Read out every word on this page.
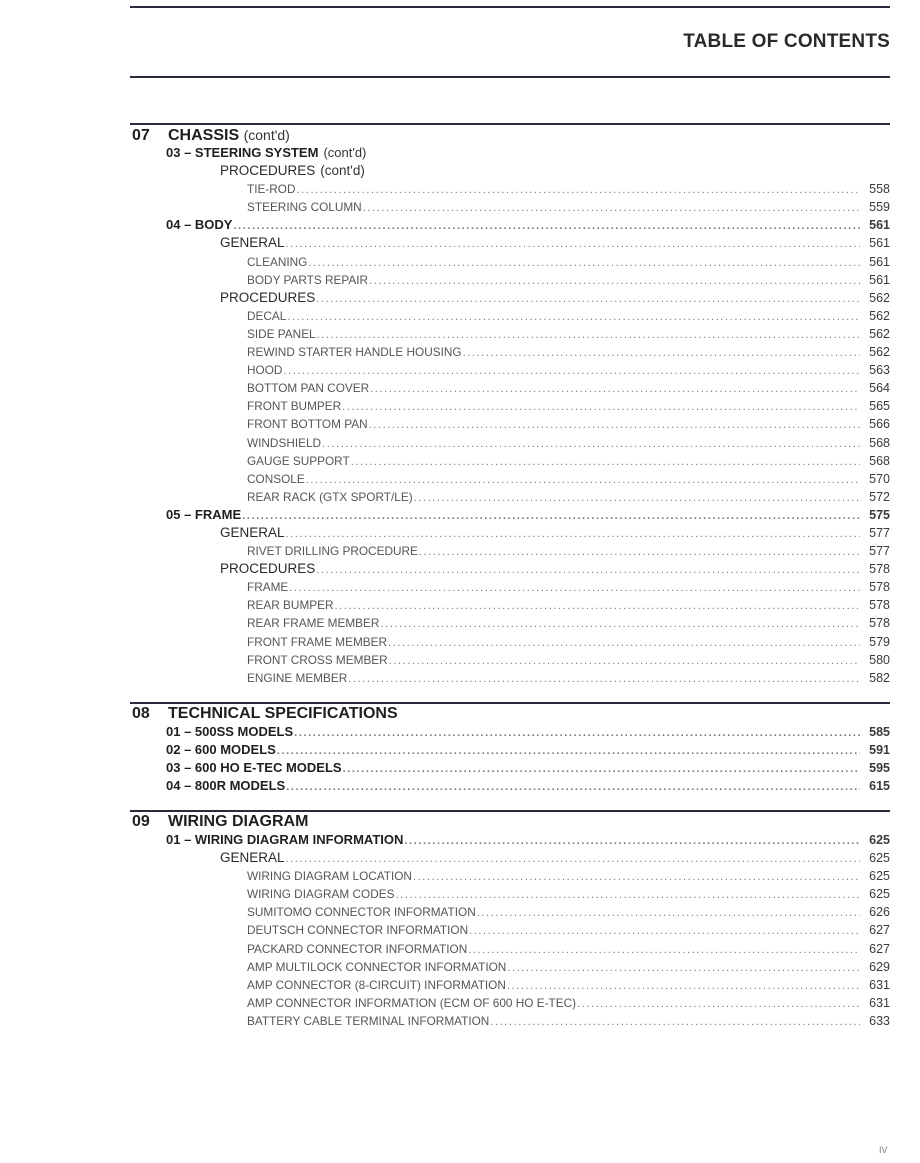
TABLE OF CONTENTS
07 CHASSIS (cont'd)
03 – STEERING SYSTEM (cont'd)
PROCEDURES (cont'd)
TIE-ROD .....	558
STEERING COLUMN .....	559
04 – BODY .....	561
GENERAL .....	561
CLEANING .....	561
BODY PARTS REPAIR .....	561
PROCEDURES .....	562
DECAL .....	562
SIDE PANEL .....	562
REWIND STARTER HANDLE HOUSING .....	562
HOOD .....	563
BOTTOM PAN COVER .....	564
FRONT BUMPER .....	565
FRONT BOTTOM PAN .....	566
WINDSHIELD .....	568
GAUGE SUPPORT .....	568
CONSOLE .....	570
REAR RACK (GTX SPORT/LE) .....	572
05 – FRAME .....	575
GENERAL .....	577
RIVET DRILLING PROCEDURE .....	577
PROCEDURES .....	578
FRAME .....	578
REAR BUMPER .....	578
REAR FRAME MEMBER .....	578
FRONT FRAME MEMBER .....	579
FRONT CROSS MEMBER .....	580
ENGINE MEMBER .....	582
08 TECHNICAL SPECIFICATIONS
01 – 500SS MODELS .....	585
02 – 600 MODELS .....	591
03 – 600 HO E-TEC MODELS .....	595
04 – 800R MODELS .....	615
09 WIRING DIAGRAM
01 – WIRING DIAGRAM INFORMATION .....	625
GENERAL .....	625
WIRING DIAGRAM LOCATION .....	625
WIRING DIAGRAM CODES .....	625
SUMITOMO CONNECTOR INFORMATION .....	626
DEUTSCH CONNECTOR INFORMATION .....	627
PACKARD CONNECTOR INFORMATION .....	627
AMP MULTILOCK CONNECTOR INFORMATION .....	629
AMP CONNECTOR (8-CIRCUIT) INFORMATION .....	631
AMP CONNECTOR INFORMATION (ECM OF 600 HO E-TEC) .....	631
BATTERY CABLE TERMINAL INFORMATION .....	633
IV
